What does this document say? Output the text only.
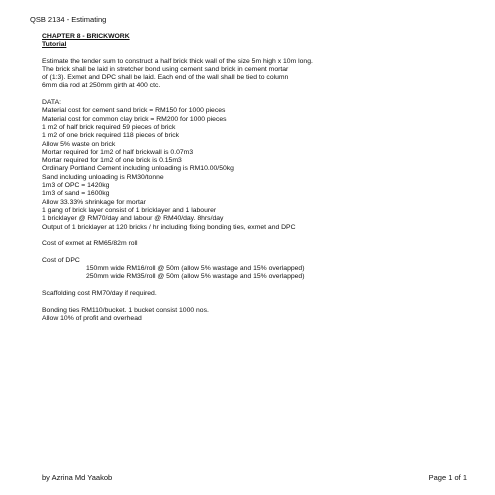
QSB 2134 - Estimating
CHAPTER 8 - BRICKWORK
Tutorial
Estimate the tender sum to construct a half brick thick wall of the size 5m high x 10m long.
The brick shall be laid in stretcher bond using cement sand brick in cement mortar
of (1:3). Exmet and DPC shall be laid. Each end of the wall shall be tied to column
6mm dia rod at 250mm girth at 400 ctc.
DATA:
Material cost for cement sand brick = RM150 for 1000 pieces
Material cost for common clay brick = RM200 for 1000 pieces
1 m2 of half brick required 59 pieces of brick
1 m2 of one brick required 118 pieces of brick
Allow 5% waste on brick
Mortar required for 1m2 of half brickwall is 0.07m3
Mortar required for 1m2 of one brick is 0.15m3
Ordinary Portland Cement including unloading is RM10.00/50kg
Sand including unloading is RM30/tonne
1m3 of OPC = 1420kg
1m3 of sand = 1600kg
Allow 33.33% shrinkage for mortar
1 gang of brick layer consist of 1 bricklayer and 1 labourer
1 bricklayer @ RM70/day and labour @ RM40/day. 8hrs/day
Output of 1 bricklayer at 120 bricks / hr including fixing bonding ties, exmet and DPC
Cost of exmet at RM65/82m roll
Cost of DPC
150mm wide RM16/roll @ 50m (allow 5% wastage and 15% overlapped)
250mm wide RM35/roll @ 50m (allow 5% wastage and 15% overlapped)
Scaffolding cost RM70/day if required.
Bonding ties RM110/bucket. 1 bucket consist 1000 nos.
Allow 10% of profit and overhead
by Azrina Md Yaakob	Page 1 of 1
